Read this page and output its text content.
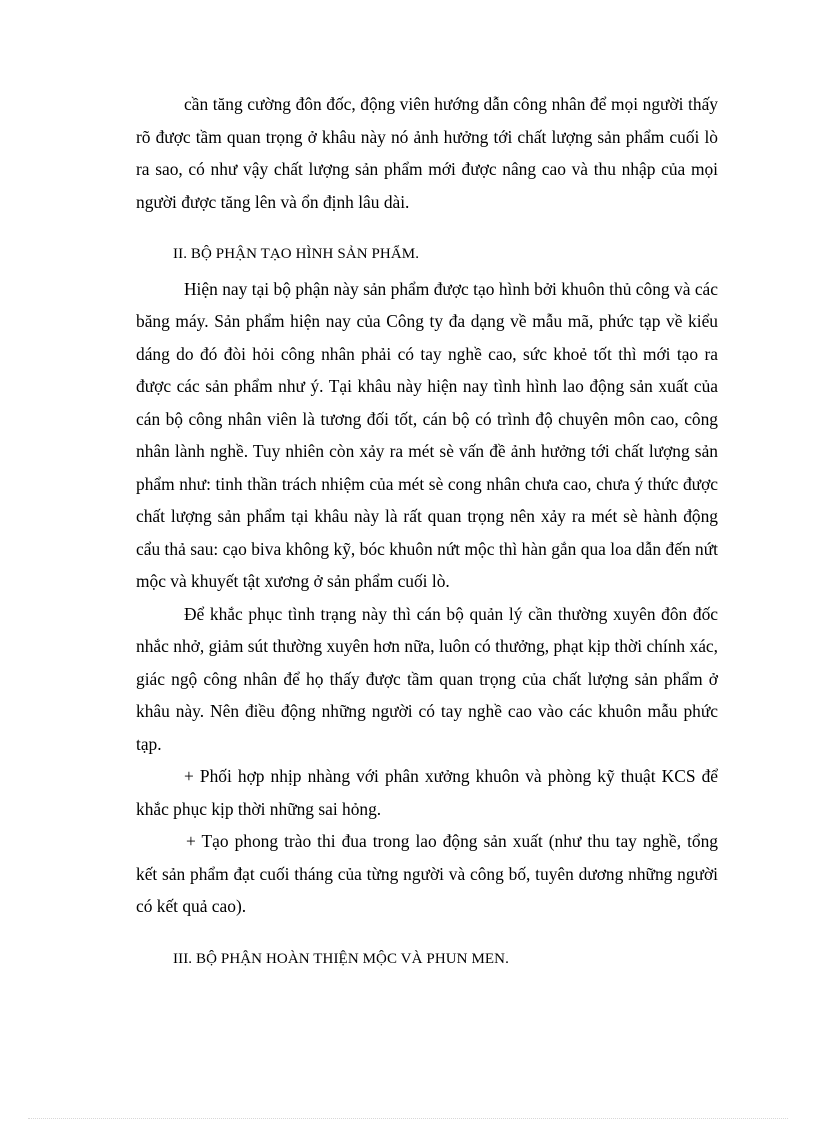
cần tăng cường đôn đốc, động viên hướng dẫn công nhân để mọi người thấy rõ được tầm quan trọng ở khâu này nó ảnh hưởng tới chất lượng sản phẩm cuối lò ra sao, có như vậy chất lượng sản phẩm mới được nâng cao và thu nhập của mọi người được tăng lên và ổn định lâu dài.

II. BỘ PHẬN TẠO HÌNH SẢN PHẨM.

Hiện nay tại bộ phận này sản phẩm được tạo hình bởi khuôn thủ công và các băng máy. Sản phẩm hiện nay của Công ty đa dạng về mẫu mã, phức tạp về kiểu dáng do đó đòi hỏi công nhân phải có tay nghề cao, sức khoẻ tốt thì mới tạo ra được các sản phẩm như ý. Tại khâu này hiện nay tình hình lao động sản xuất của cán bộ công nhân viên là tương đối tốt, cán bộ có trình độ chuyên môn cao, công nhân lành nghề. Tuy nhiên còn xảy ra mét sè vấn đề ảnh hưởng tới chất lượng sản phẩm như: tinh thần trách nhiệm của mét sè cong nhân chưa cao, chưa ý thức được chất lượng sản phẩm tại khâu này là rất quan trọng nên xảy ra mét sè hành động cẩu thả sau: cạo biva không kỹ, bóc khuôn nứt mộc thì hàn gắn qua loa dẫn đến nứt mộc và khuyết tật xương ở sản phẩm cuối lò.

Để khắc phục tình trạng này thì cán bộ quản lý cần thường xuyên đôn đốc nhắc nhở, giảm sút thường xuyên hơn nữa, luôn có thưởng, phạt kịp thời chính xác, giác ngộ công nhân để họ thấy được tầm quan trọng của chất lượng sản phẩm ở khâu này. Nên điều động những người có tay nghề cao vào các khuôn mẫu phức tạp.

+ Phối hợp nhịp nhàng với phân xưởng khuôn và phòng kỹ thuật KCS để khắc phục kịp thời những sai hỏng.

+ Tạo phong trào thi đua trong lao động sản xuất (như thu tay nghề, tổng kết sản phẩm đạt cuối tháng của từng người và công bố, tuyên dương những người có kết quả cao).

III. BỘ PHẬN HOÀN THIỆN MỘC VÀ PHUN MEN.
